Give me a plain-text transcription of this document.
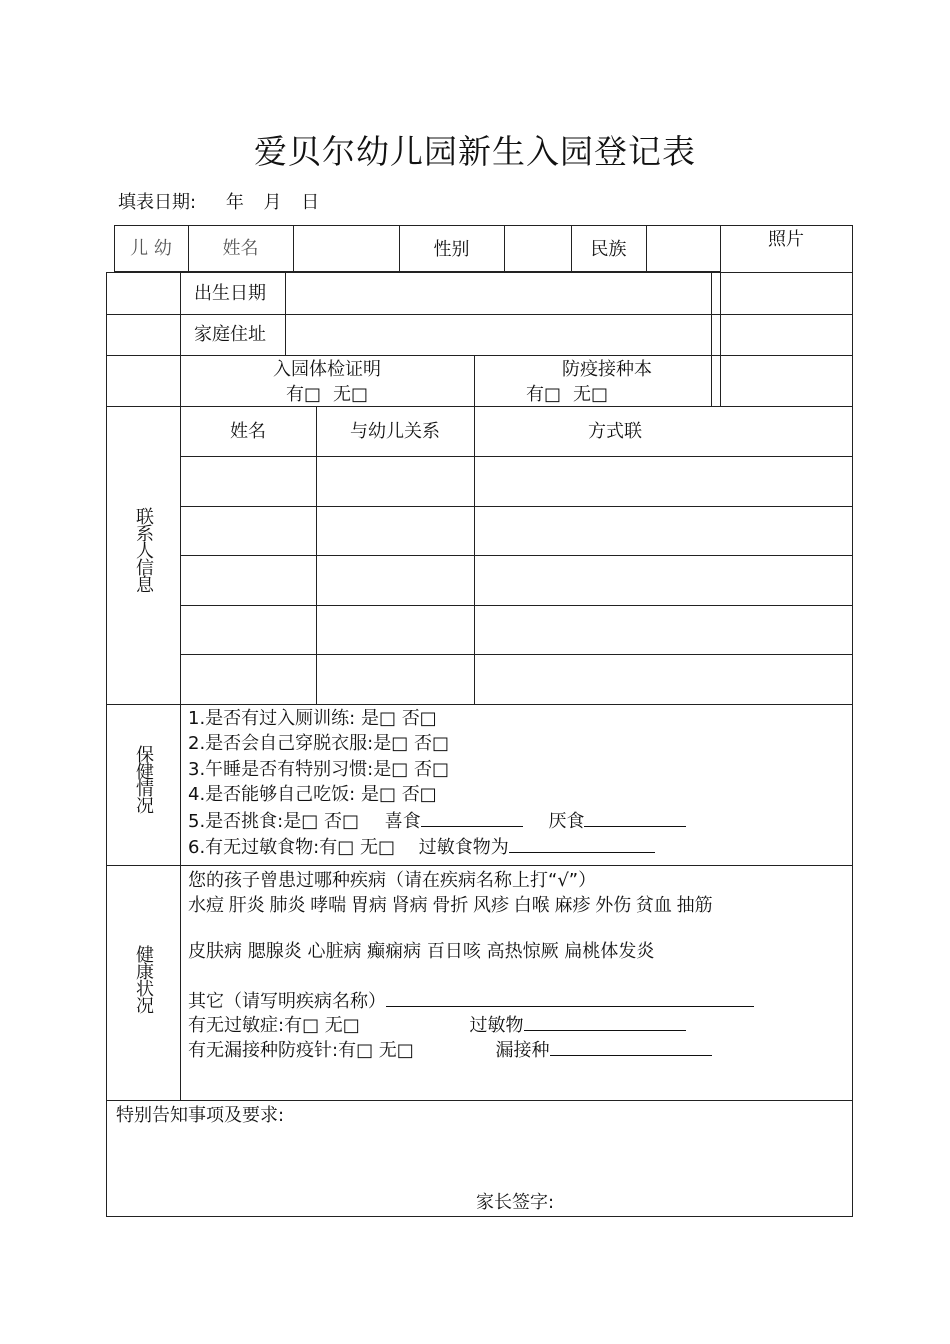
爱贝尔幼儿园新生入园登记表
填表日期: 年 月 日
儿 幼	姓名	性别	民族	照片
出生日期
家庭住址
入园体检证明
有□ 无□
防疫接种本
有□ 无□
联系人信息
姓名	与幼儿关系	方式联
保健情况
1.是否有过入厕训练: 是□ 否□
2.是否会自己穿脱衣服:是□ 否□
3.午睡是否有特别习惯:是□ 否□
4.是否能够自己吃饭: 是□ 否□
5.是否挑食:是□ 否□ 喜食	厌食
6.有无过敏食物:有□ 无□ 过敏食物为
健康状况
您的孩子曾患过哪种疾病（请在疾病名称上打“√”）
水痘 肝炎 肺炎 哮喘 胃病 肾病 骨折 风疹 白喉 麻疹 外伤 贫血 抽筋
皮肤病 腮腺炎 心脏病 癫痫病 百日咳 高热惊厥 扁桃体发炎
其它（请写明疾病名称）
有无过敏症:有□ 无□	过敏物
有无漏接种防疫针:有□ 无□	漏接种
特别告知事项及要求:
家长签字:
